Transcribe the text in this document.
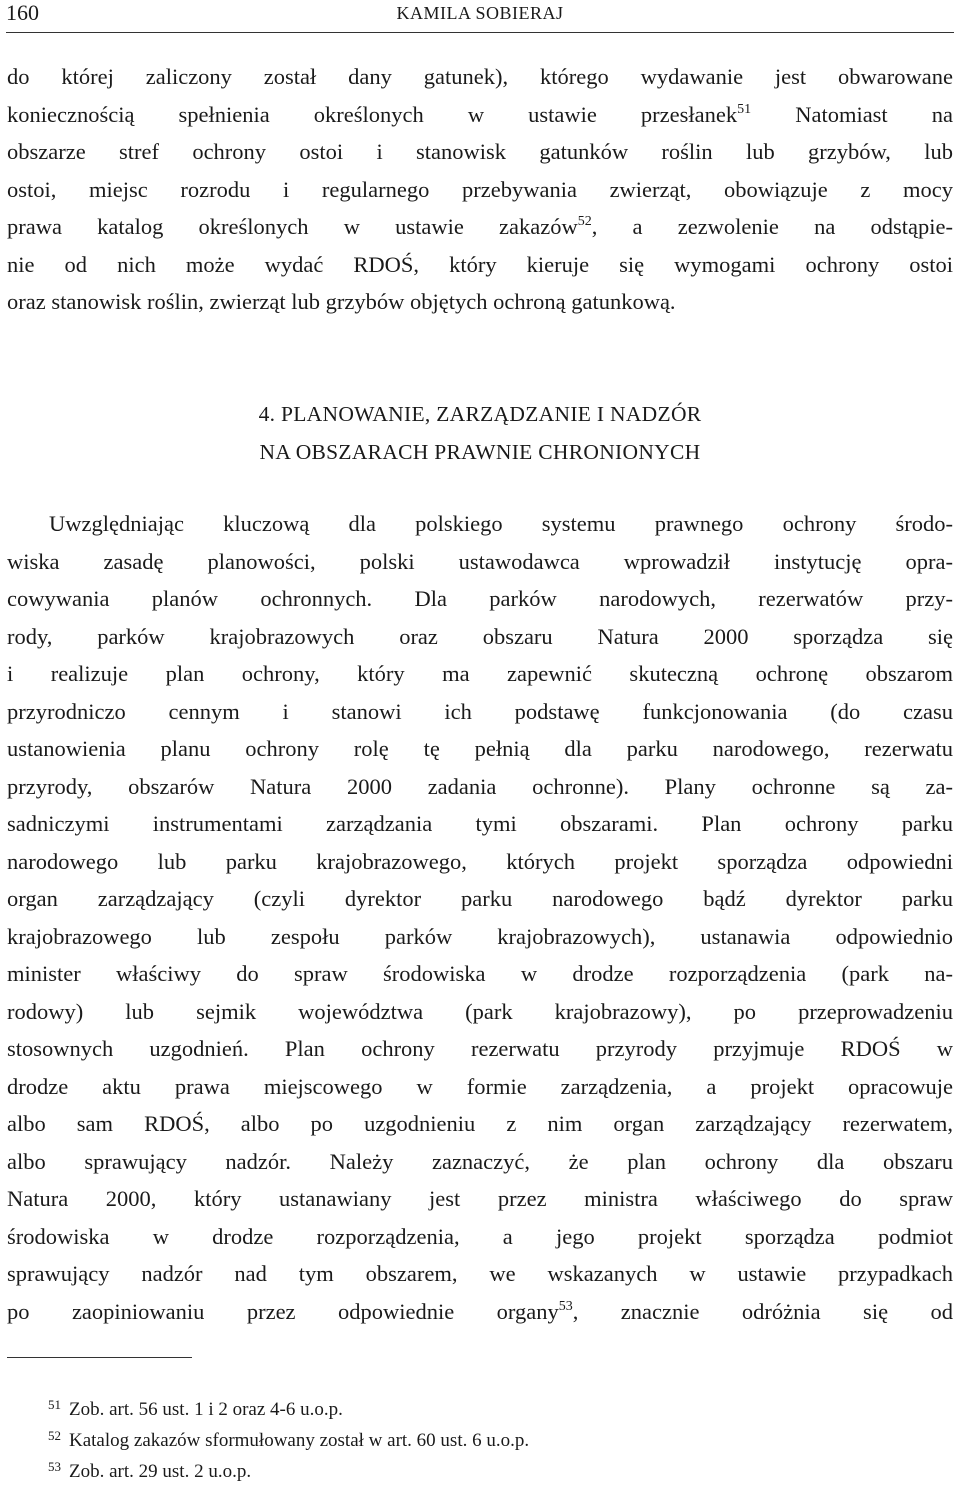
160	KAMILA SOBIERAJ
do której zaliczony został dany gatunek), którego wydawanie jest obwarowane
koniecznością spełnienia określonych w ustawie przesłanek$^{51}$ Natomiast na
obszarze stref ochrony ostoi i stanowisk gatunków roślin lub grzybów, lub
ostoi, miejsc rozrodu i regularnego przebywania zwierząt, obowiązuje z mocy
prawa katalog określonych w ustawie zakazów$^{52}$, a zezwolenie na odstąpie-
nie od nich może wydać RDOŚ, który kieruje się wymogami ochrony ostoi
oraz stanowisk roślin, zwierząt lub grzybów objętych ochroną gatunkową.
4. PLANOWANIE, ZARZĄDZANIE I NADZÓR
NA OBSZARACH PRAWNIE CHRONIONYCH
Uwzględniając kluczową dla polskiego systemu prawnego ochrony środo-
wiska zasadę planowości, polski ustawodawca wprowadził instytucję opra-
cowywania planów ochronnych. Dla parków narodowych, rezerwatów przy-
rody, parków krajobrazowych oraz obszaru Natura 2000 sporządza się
i realizuje plan ochrony, który ma zapewnić skuteczną ochronę obszarom
przyrodniczo cennym i stanowi ich podstawę funkcjonowania (do czasu
ustanowienia planu ochrony rolę tę pełnią dla parku narodowego, rezerwatu
przyrody, obszarów Natura 2000 zadania ochronne). Plany ochronne są za-
sadniczymi instrumentami zarządzania tymi obszarami. Plan ochrony parku
narodowego lub parku krajobrazowego, których projekt sporządza odpowiedni
organ zarządzający (czyli dyrektor parku narodowego bądź dyrektor parku
krajobrazowego lub zespołu parków krajobrazowych), ustanawia odpowiednio
minister właściwy do spraw środowiska w drodze rozporządzenia (park na-
rodowy) lub sejmik województwa (park krajobrazowy), po przeprowadzeniu
stosownych uzgodnień. Plan ochrony rezerwatu przyrody przyjmuje RDOŚ w
drodze aktu prawa miejscowego w formie zarządzenia, a projekt opracowuje
albo sam RDOŚ, albo po uzgodnieniu z nim organ zarządzający rezerwatem,
albo sprawujący nadzór. Należy zaznaczyć, że plan ochrony dla obszaru
Natura 2000, który ustanawiany jest przez ministra właściwego do spraw
środowiska w drodze rozporządzenia, a jego projekt sporządza podmiot
sprawujący nadzór nad tym obszarem, we wskazanych w ustawie przypadkach
po zaopiniowaniu przez odpowiednie organy$^{53}$, znacznie odróżnia się od
$^{51}$ Zob. art. 56 ust. 1 i 2 oraz 4-6 u.o.p.
$^{52}$ Katalog zakazów sformułowany został w art. 60 ust. 6 u.o.p.
$^{53}$ Zob. art. 29 ust. 2 u.o.p.
